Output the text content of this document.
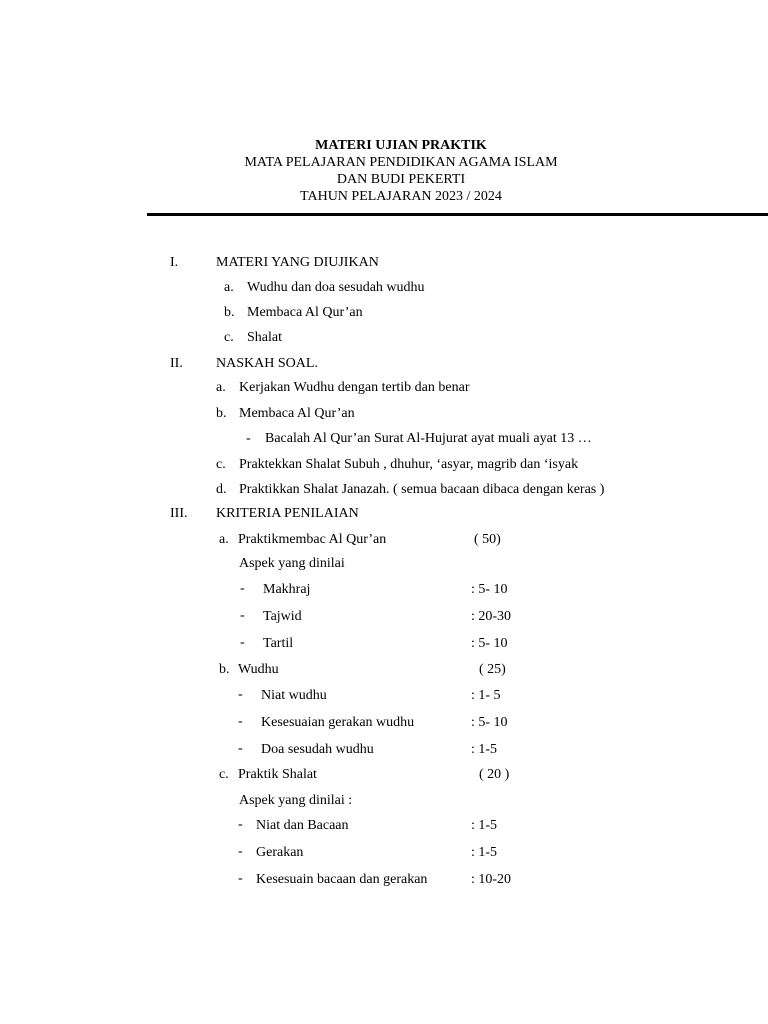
MATERI UJIAN PRAKTIK
MATA PELAJARAN PENDIDIKAN AGAMA ISLAM
DAN BUDI PEKERTI
TAHUN PELAJARAN 2023 / 2024
I.	MATERI YANG DIUJIKAN
a. Wudhu dan doa sesudah wudhu
b. Membaca Al Qur’an
c. Shalat
II. NASKAH SOAL.
a. Kerjakan Wudhu dengan tertib dan benar
b. Membaca Al Qur’an
- Bacalah Al Qur’an Surat Al-Hujurat ayat muali ayat 13 …
c. Praktekkan Shalat Subuh , dhuhur, ‘asyar, magrib dan ‘isyak
d. Praktikkan Shalat Janazah. ( semua bacaan dibaca dengan keras )
III. KRITERIA PENILAIAN
a. Praktikmembac Al Qur’an	( 50)
Aspek yang dinilai
- Makhraj	: 5- 10
- Tajwid	: 20-30
- Tartil	: 5- 10
b. Wudhu	( 25)
- Niat wudhu	: 1- 5
- Kesesuaian gerakan wudhu	: 5- 10
- Doa sesudah wudhu	: 1-5
c. Praktik Shalat	( 20 )
Aspek yang dinilai :
- Niat dan Bacaan	: 1-5
- Gerakan	: 1-5
- Kesesuain bacaan dan gerakan	: 10-20
